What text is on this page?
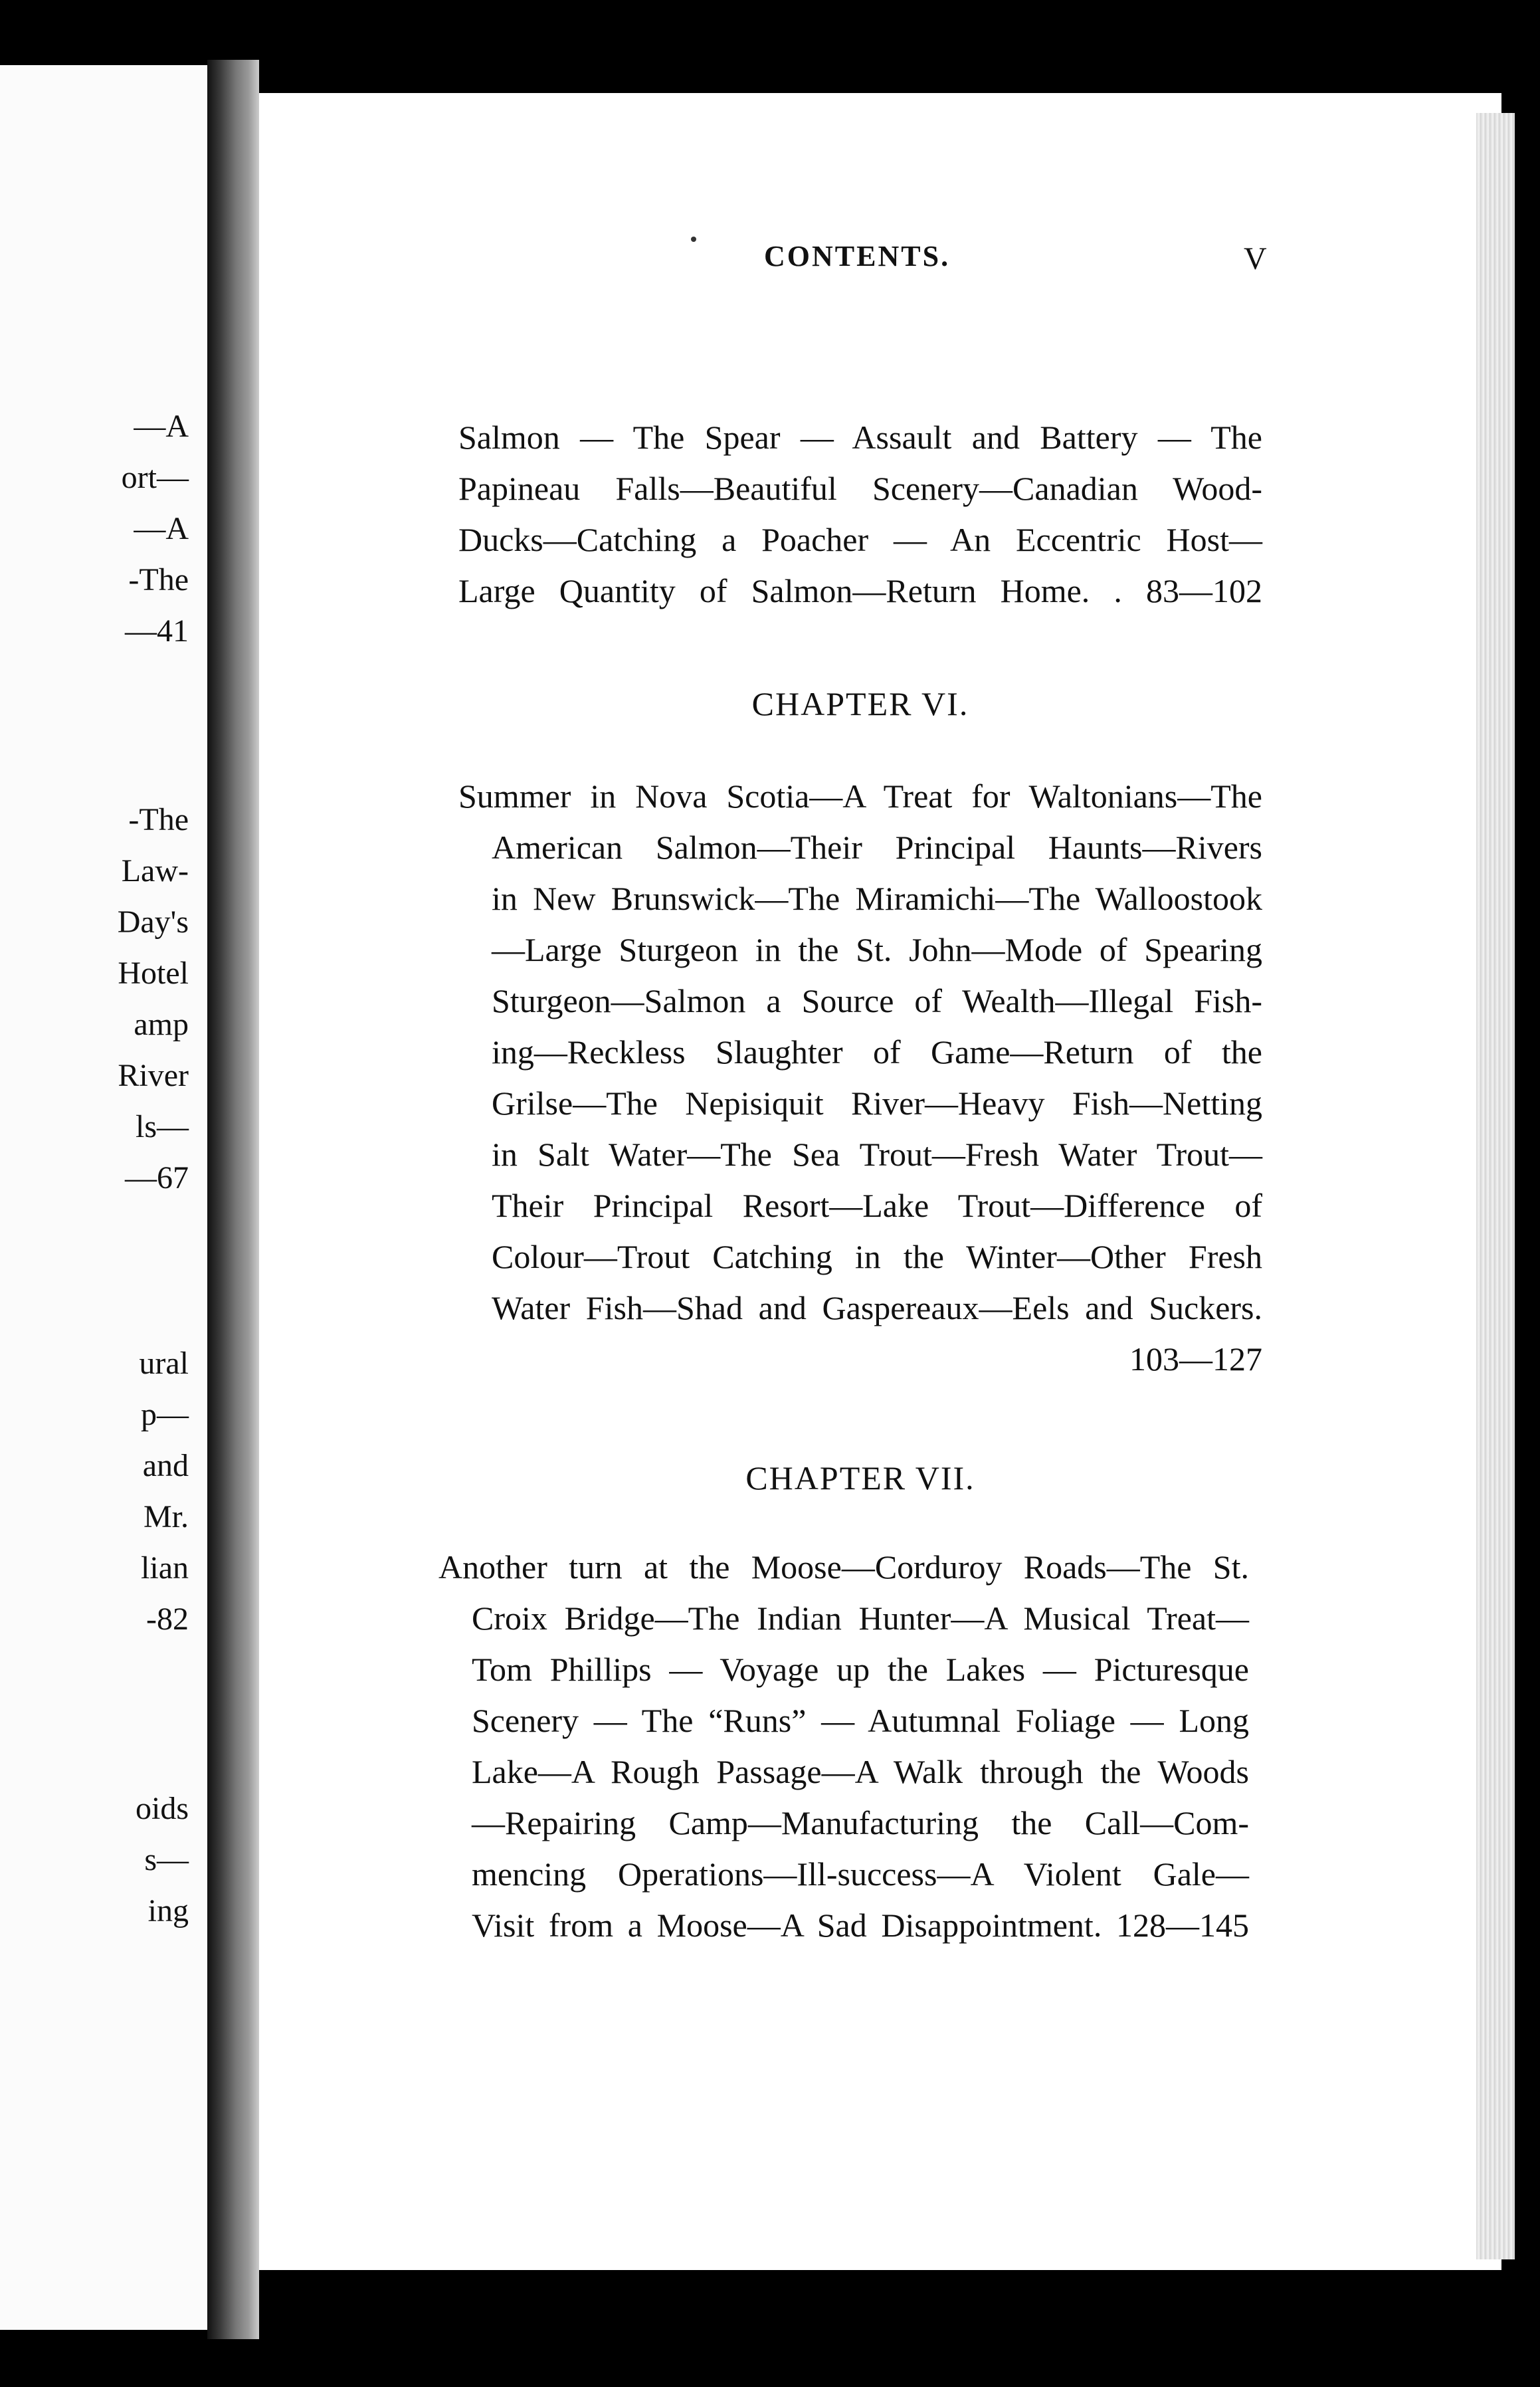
—A
ort—
—A
-The
—41
-The
Law-
Day's
Hotel
amp
River
ls—
—67
ural
p—
and
Mr.
lian
-82
oids
s—
ing
CONTENTS.	V
Salmon — The Spear — Assault and Battery — The
Papineau Falls—Beautiful Scenery—Canadian Wood-
Ducks—Catching a Poacher — An Eccentric Host—
Large Quantity of Salmon—Return Home. . 83—102
CHAPTER VI.
Summer in Nova Scotia—A Treat for Waltonians—The
American Salmon—Their Principal Haunts—Rivers
in New Brunswick—The Miramichi—The Walloostook
—Large Sturgeon in the St. John—Mode of Spearing
Sturgeon—Salmon a Source of Wealth—Illegal Fish-
ing—Reckless Slaughter of Game—Return of the
Grilse—The Nepisiquit River—Heavy Fish—Netting
in Salt Water—The Sea Trout—Fresh Water Trout—
Their Principal Resort—Lake Trout—Difference of
Colour—Trout Catching in the Winter—Other Fresh
Water Fish—Shad and Gaspereaux—Eels and Suckers.
103—127
CHAPTER VII.
Another turn at the Moose—Corduroy Roads—The St.
Croix Bridge—The Indian Hunter—A Musical Treat—
Tom Phillips — Voyage up the Lakes — Picturesque
Scenery — The “Runs” — Autumnal Foliage — Long
Lake—A Rough Passage—A Walk through the Woods
—Repairing Camp—Manufacturing the Call—Com-
mencing Operations—Ill-success—A Violent Gale—
Visit from a Moose—A Sad Disappointment. 128—145
